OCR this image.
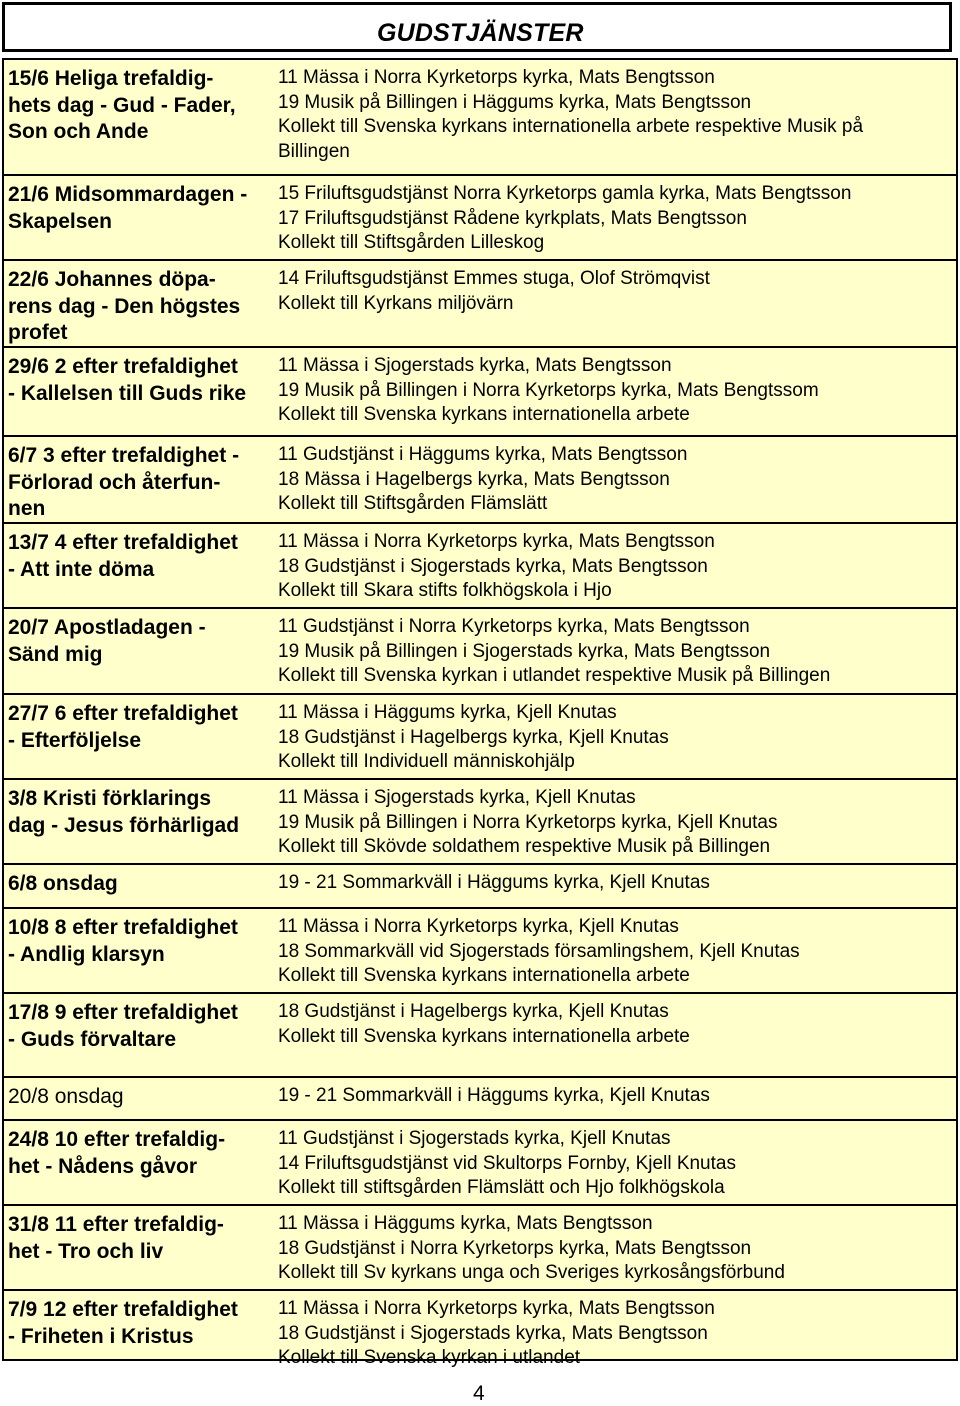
GUDSTJÄNSTER
15/6 Heliga trefaldig-
hets dag - Gud - Fader,
Son och Ande
11 Mässa i Norra Kyrketorps kyrka, Mats Bengtsson
19 Musik på Billingen i Häggums kyrka, Mats Bengtsson
Kollekt till Svenska kyrkans internationella arbete respektive Musik på
Billingen
21/6 Midsommardagen -
Skapelsen
15 Friluftsgudstjänst Norra Kyrketorps gamla kyrka, Mats Bengtsson
17 Friluftsgudstjänst Rådene kyrkplats, Mats Bengtsson
Kollekt till Stiftsgården Lilleskog
22/6 Johannes döpa-
rens dag - Den högstes
profet
14 Friluftsgudstjänst Emmes stuga, Olof Strömqvist
Kollekt till Kyrkans miljövärn
29/6 2 efter trefaldighet
- Kallelsen till Guds rike
11 Mässa i Sjogerstads kyrka, Mats Bengtsson
19 Musik på Billingen i Norra Kyrketorps kyrka, Mats Bengtssom
Kollekt till Svenska kyrkans internationella arbete
6/7 3 efter trefaldighet -
Förlorad och återfun-
nen
11 Gudstjänst i Häggums kyrka, Mats Bengtsson
18 Mässa i Hagelbergs kyrka, Mats Bengtsson
Kollekt till Stiftsgården Flämslätt
13/7 4 efter trefaldighet
- Att inte döma
11 Mässa i Norra Kyrketorps kyrka, Mats Bengtsson
18 Gudstjänst i Sjogerstads kyrka, Mats Bengtsson
Kollekt till Skara stifts folkhögskola i Hjo
20/7 Apostladagen -
Sänd mig
11 Gudstjänst i Norra Kyrketorps kyrka, Mats Bengtsson
19 Musik på Billingen i Sjogerstads kyrka, Mats Bengtsson
Kollekt till Svenska kyrkan i utlandet respektive Musik på Billingen
27/7 6 efter trefaldighet
- Efterföljelse
11 Mässa i Häggums kyrka, Kjell Knutas
18 Gudstjänst i Hagelbergs kyrka, Kjell Knutas
Kollekt till Individuell människohjälp
3/8 Kristi förklarings
dag - Jesus förhärligad
11 Mässa i Sjogerstads kyrka, Kjell Knutas
19 Musik på Billingen i Norra Kyrketorps kyrka, Kjell Knutas
Kollekt till Skövde soldathem respektive Musik på Billingen
6/8 onsdag	19 - 21 Sommarkväll i Häggums kyrka, Kjell Knutas
10/8 8 efter trefaldighet
- Andlig klarsyn
11 Mässa i Norra Kyrketorps kyrka, Kjell Knutas
18 Sommarkväll vid Sjogerstads församlingshem, Kjell Knutas
Kollekt till Svenska kyrkans internationella arbete
17/8 9 efter trefaldighet
- Guds förvaltare
18 Gudstjänst i Hagelbergs kyrka, Kjell Knutas
Kollekt till Svenska kyrkans internationella arbete
20/8 onsdag	19 - 21 Sommarkväll i Häggums kyrka, Kjell Knutas
24/8 10 efter trefaldig-
het - Nådens gåvor
11 Gudstjänst i Sjogerstads kyrka, Kjell Knutas
14 Friluftsgudstjänst vid Skultorps Fornby, Kjell Knutas
Kollekt till stiftsgården Flämslätt och Hjo folkhögskola
31/8 11 efter trefaldig-
het - Tro och liv
11 Mässa i Häggums kyrka, Mats Bengtsson
18 Gudstjänst i Norra Kyrketorps kyrka, Mats Bengtsson
Kollekt till Sv kyrkans unga och Sveriges kyrkosångsförbund
7/9 12 efter trefaldighet
- Friheten i Kristus
11 Mässa i Norra Kyrketorps kyrka, Mats Bengtsson
18 Gudstjänst i Sjogerstads kyrka, Mats Bengtsson
Kollekt till Svenska kyrkan i utlandet
4
